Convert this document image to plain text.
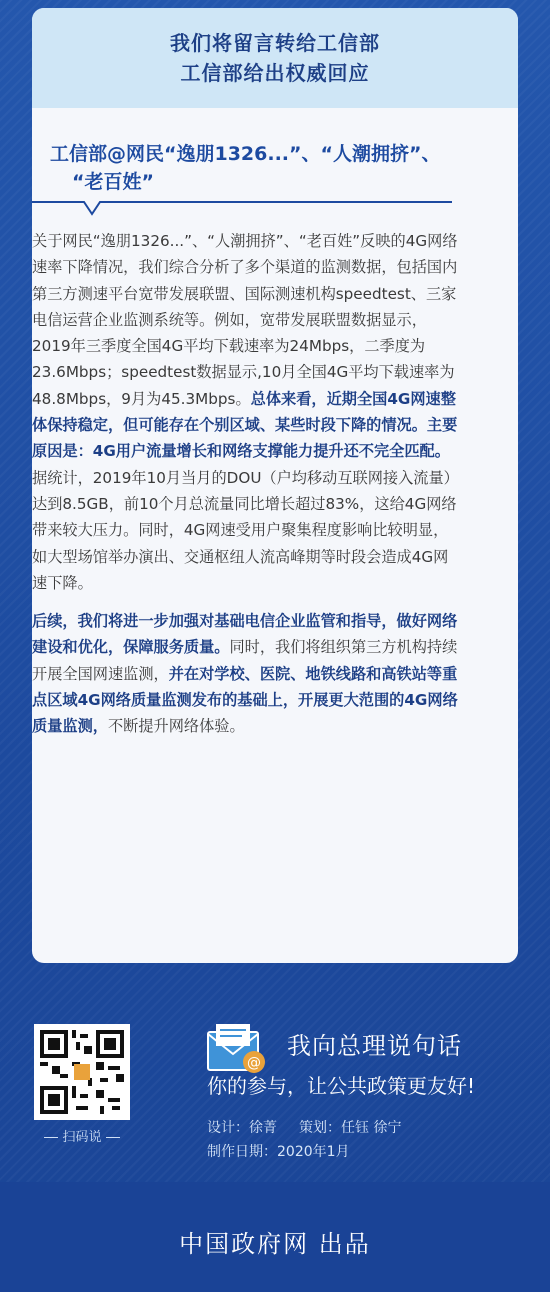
我们将留言转给工信部
工信部给出权威回应
工信部@网民“逸朋1326...”、“人潮拥挤”、
“老百姓”

关于网民“逸朋1326...”、“人潮拥挤”、“老百姓”反映的4G网络速率下降情况，我们综合分析了多个渠道的监测数据，包括国内第三方测速平台宽带发展联盟、国际测速机构speedtest、三家电信运营企业监测系统等。例如，宽带发展联盟数据显示，2019年三季度全国4G平均下载速率为24Mbps，二季度为23.6Mbps；speedtest数据显示,10月全国4G平均下载速率为48.8Mbps，9月为45.3Mbps。总体来看，近期全国4G网速整体保持稳定，但可能存在个别区域、某些时段下降的情况。主要原因是：4G用户流量增长和网络支撑能力提升还不完全匹配。据统计，2019年10月当月的DOU（户均移动互联网接入流量）达到8.5GB，前10个月总流量同比增长超过83%，这给4G网络带来较大压力。同时，4G网速受用户聚集程度影响比较明显，如大型场馆举办演出、交通枢纽人流高峰期等时段会造成4G网速下降。

后续，我们将进一步加强对基础电信企业监管和指导，做好网络建设和优化，保障服务质量。同时，我们将组织第三方机构持续开展全国网速监测，并在对学校、医院、地铁线路和高铁站等重点区域4G网络质量监测发布的基础上，开展更大范围的4G网络质量监测，不断提升网络体验。

扫码说
@
我向总理说句话
你的参与，让公共政策更友好!
设计：徐菁 策划：任钰 徐宁
制作日期：2020年1月
中国政府网 出品
